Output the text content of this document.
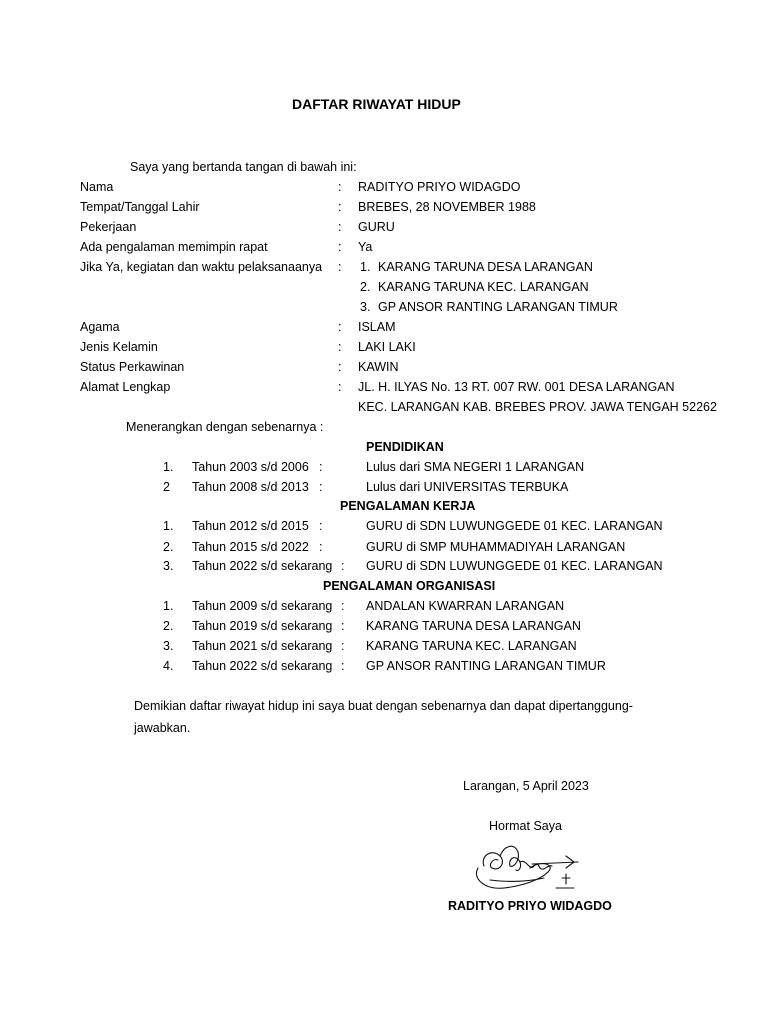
DAFTAR RIWAYAT HIDUP
Saya yang bertanda tangan di bawah ini:
Nama	: RADITYO PRIYO WIDAGDO
Tempat/Tanggal Lahir	: BREBES, 28 NOVEMBER 1988
Pekerjaan	: GURU
Ada pengalaman memimpin rapat	: Ya
Jika Ya, kegiatan dan waktu pelaksanaanya : 1. KARANG TARUNA DESA LARANGAN
2. KARANG TARUNA KEC. LARANGAN
3. GP ANSOR RANTING LARANGAN TIMUR
Agama	: ISLAM
Jenis Kelamin	: LAKI LAKI
Status Perkawinan	: KAWIN
Alamat Lengkap	: JL. H. ILYAS No. 13 RT. 007 RW. 001 DESA LARANGAN
KEC. LARANGAN KAB. BREBES PROV. JAWA TENGAH 52262
Menerangkan dengan sebenarnya :
PENDIDIKAN
1. Tahun 2003 s/d 2006 :	Lulus dari SMA NEGERI 1 LARANGAN
2 Tahun 2008 s/d 2013 :	Lulus dari UNIVERSITAS TERBUKA
PENGALAMAN KERJA
1. Tahun 2012 s/d 2015 :	GURU di SDN LUWUNGGEDE 01 KEC. LARANGAN
2. Tahun 2015 s/d 2022 :	GURU di SMP MUHAMMADIYAH LARANGAN
3. Tahun 2022 s/d sekarang : GURU di SDN LUWUNGGEDE 01 KEC. LARANGAN
PENGALAMAN ORGANISASI
1. Tahun 2009 s/d sekarang : ANDALAN KWARRAN LARANGAN
2. Tahun 2019 s/d sekarang : KARANG TARUNA DESA LARANGAN
3. Tahun 2021 s/d sekarang : KARANG TARUNA KEC. LARANGAN
4. Tahun 2022 s/d sekarang : GP ANSOR RANTING LARANGAN TIMUR
Demikian daftar riwayat hidup ini saya buat dengan sebenarnya dan dapat dipertanggung-
jawabkan.
Larangan, 5 April 2023
Hormat Saya
RADITYO PRIYO WIDAGDO
